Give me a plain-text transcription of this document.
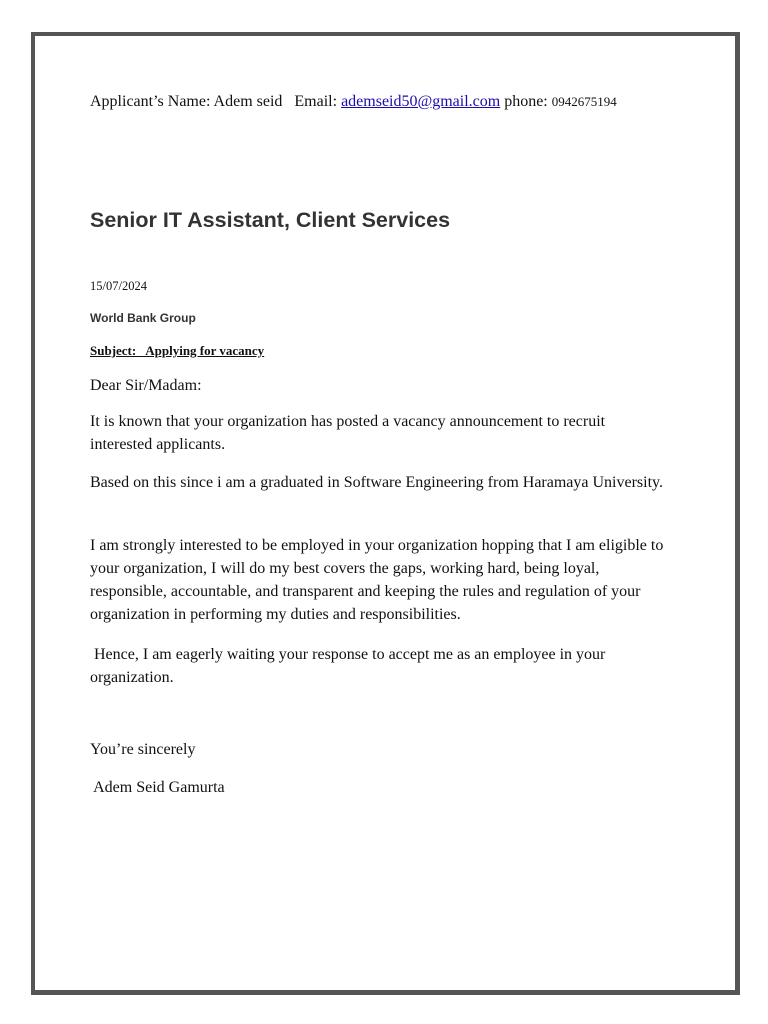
Applicant’s Name: Adem seid Email: ademseid50@gmail.com phone: 0942675194
Senior IT Assistant, Client Services
15/07/2024
World Bank Group
Subject:   Applying for vacancy

Dear Sir/Madam:

It is known that your organization has posted a vacancy announcement to recruit interested applicants.

Based on this since i am a graduated in Software Engineering from Haramaya University.

I am strongly interested to be employed in your organization hopping that I am eligible to your organization, I will do my best covers the gaps, working hard, being loyal, responsible, accountable, and transparent and keeping the rules and regulation of your organization in performing my duties and responsibilities.

Hence, I am eagerly waiting your response to accept me as an employee in your organization.

You’re sincerely

Adem Seid Gamurta
